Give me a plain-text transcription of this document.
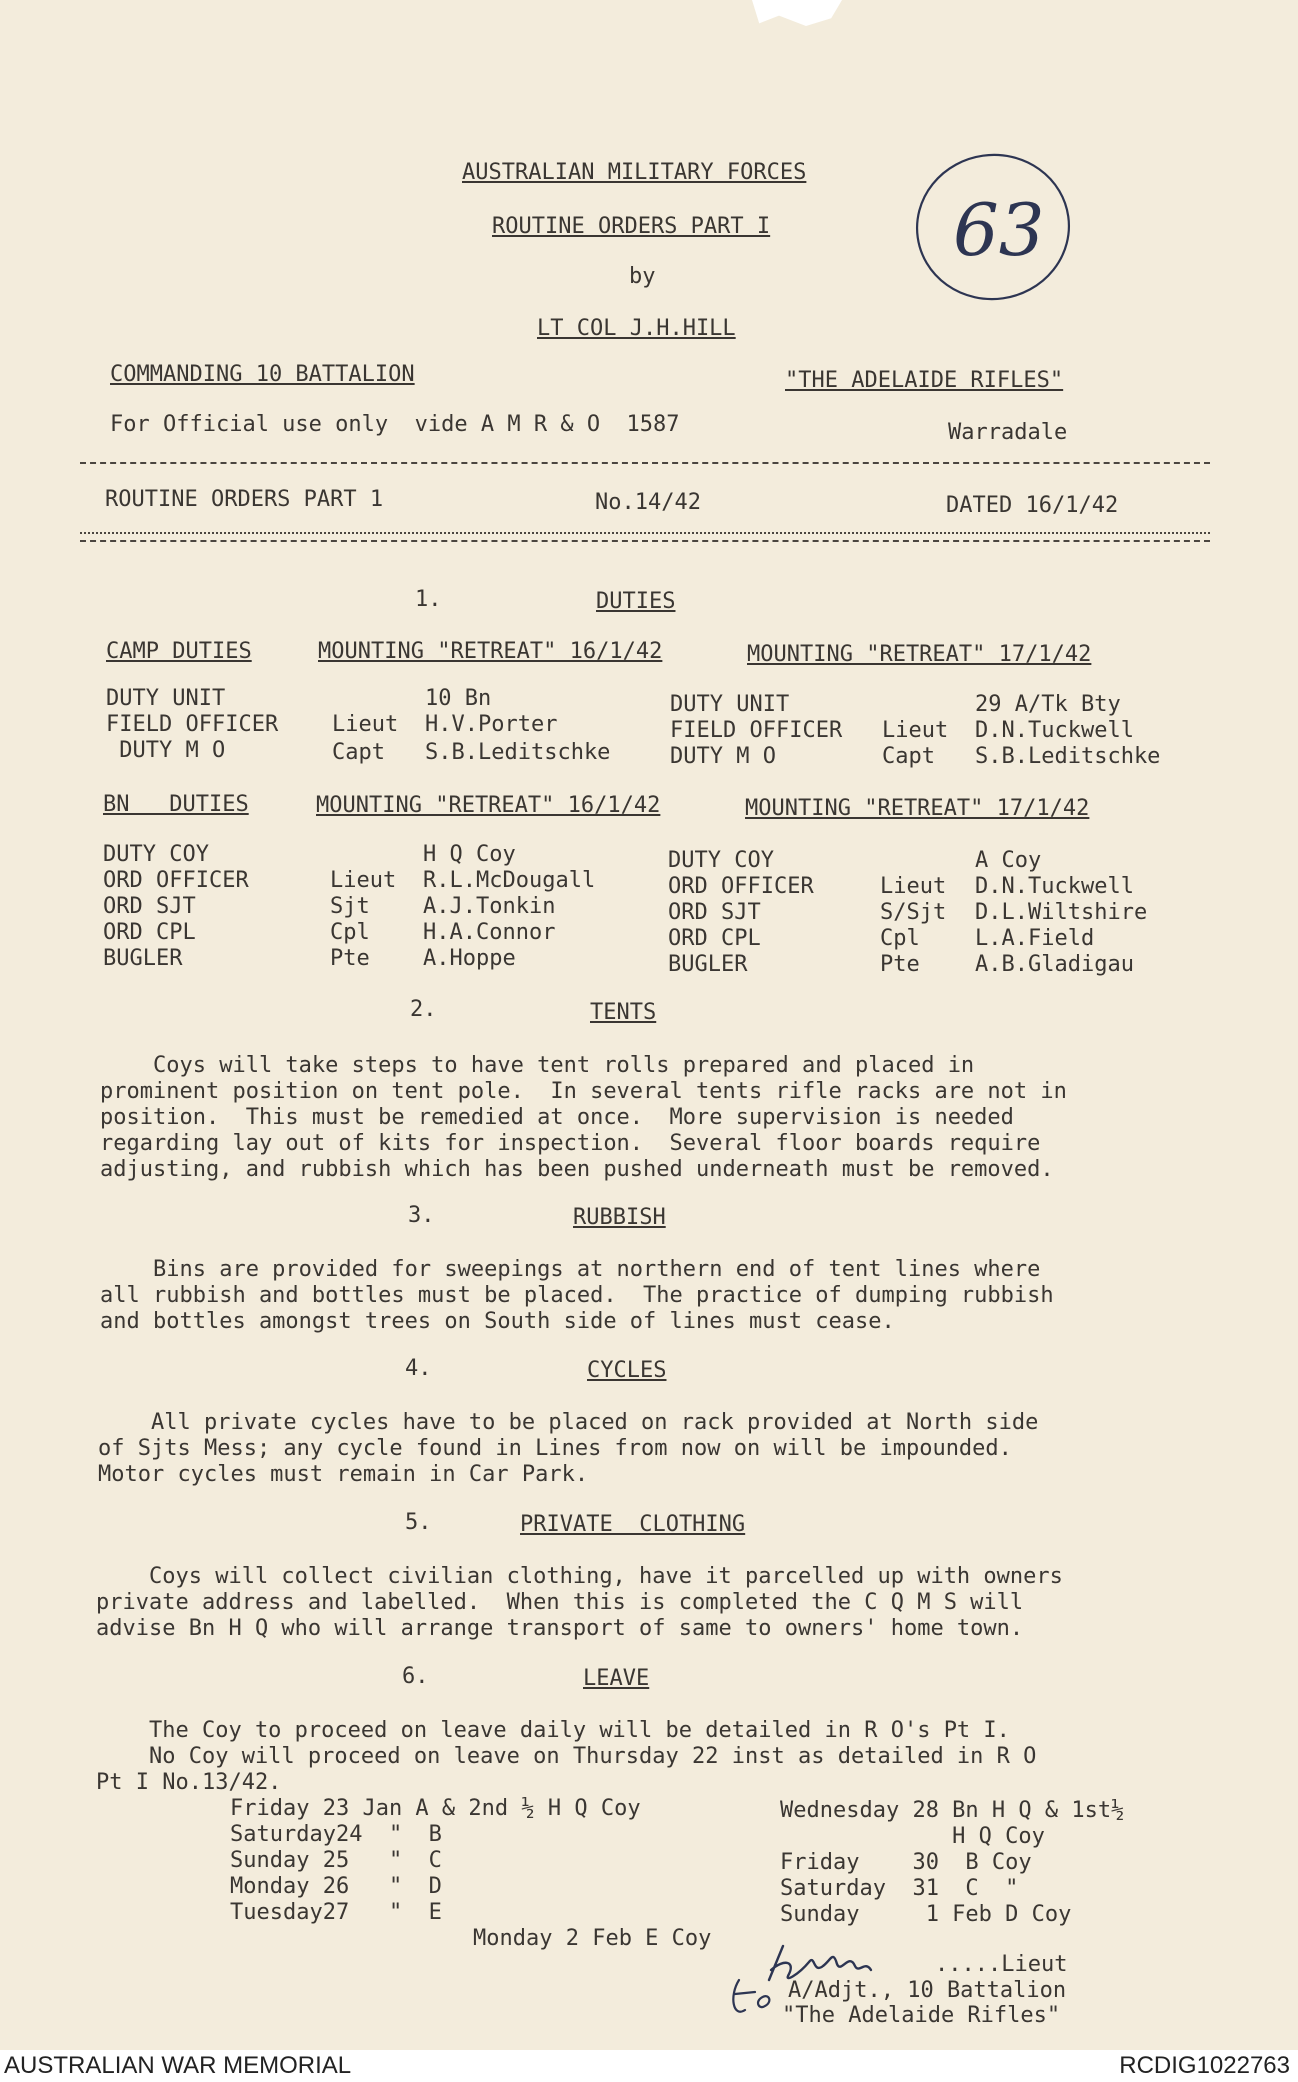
AUSTRALIAN MILITARY FORCES
ROUTINE ORDERS PART I
by
LT COL J.H.HILL
COMMANDING 10 BATTALION	"THE ADELAIDE RIFLES"
For Official use only  vide A M R & O  1587	Warradale
63
ROUTINE ORDERS PART 1	No.14/42	DATED 16/1/42
1.	DUTIES
CAMP DUTIES	MOUNTING "RETREAT" 16/1/42	MOUNTING "RETREAT" 17/1/42
DUTY UNIT	10 Bn	DUTY UNIT	29 A/Tk Bty
FIELD OFFICER Lieut H.V.Porter	FIELD OFFICER Lieut D.N.Tuckwell
DUTY M O	Capt S.B.Leditschke	DUTY M O	Capt S.B.Leditschke
BN   DUTIES	MOUNTING "RETREAT" 16/1/42	MOUNTING "RETREAT" 17/1/42
DUTY COY	H Q Coy	DUTY COY	A Coy
ORD OFFICER	Lieut R.L.McDougall	ORD OFFICER	Lieut D.N.Tuckwell
ORD SJT	Sjt A.J.Tonkin	ORD SJT	S/Sjt D.L.Wiltshire
ORD CPL	Cpl H.A.Connor	ORD CPL	Cpl	L.A.Field
BUGLER	Pte A.Hoppe	BUGLER	Pte	A.B.Gladigau
2.	TENTS
Coys will take steps to have tent rolls prepared and placed in
prominent position on tent pole.  In several tents rifle racks are not in
position.  This must be remedied at once.  More supervision is needed
regarding lay out of kits for inspection.  Several floor boards require
adjusting, and rubbish which has been pushed underneath must be removed.
3.	RUBBISH
Bins are provided for sweepings at northern end of tent lines where
all rubbish and bottles must be placed.  The practice of dumping rubbish
and bottles amongst trees on South side of lines must cease.
4.	CYCLES
All private cycles have to be placed on rack provided at North side
of Sjts Mess; any cycle found in Lines from now on will be impounded.
Motor cycles must remain in Car Park.
5.	PRIVATE  CLOTHING
Coys will collect civilian clothing, have it parcelled up with owners
private address and labelled.  When this is completed the C Q M S will
advise Bn H Q who will arrange transport of same to owners' home town.
6.	LEAVE
The Coy to proceed on leave daily will be detailed in R O's Pt I.
No Coy will proceed on leave on Thursday 22 inst as detailed in R O
Pt I No.13/42.
Friday 23 Jan A & 2nd ½ H Q Coy
Saturday24  "  B
Sunday 25   "  C
Monday 26   "  D
Tuesday27   "  E
Wednesday 28 Bn H Q & 1st½
H Q Coy
Friday    30  B Coy
Saturday  31  C  "
Sunday     1 Feb D Coy
Monday 2 Feb E Coy
.....Lieut
A/Adjt., 10 Battalion
"The Adelaide Rifles"
AUSTRALIAN WAR MEMORIAL	RCDIG1022763
